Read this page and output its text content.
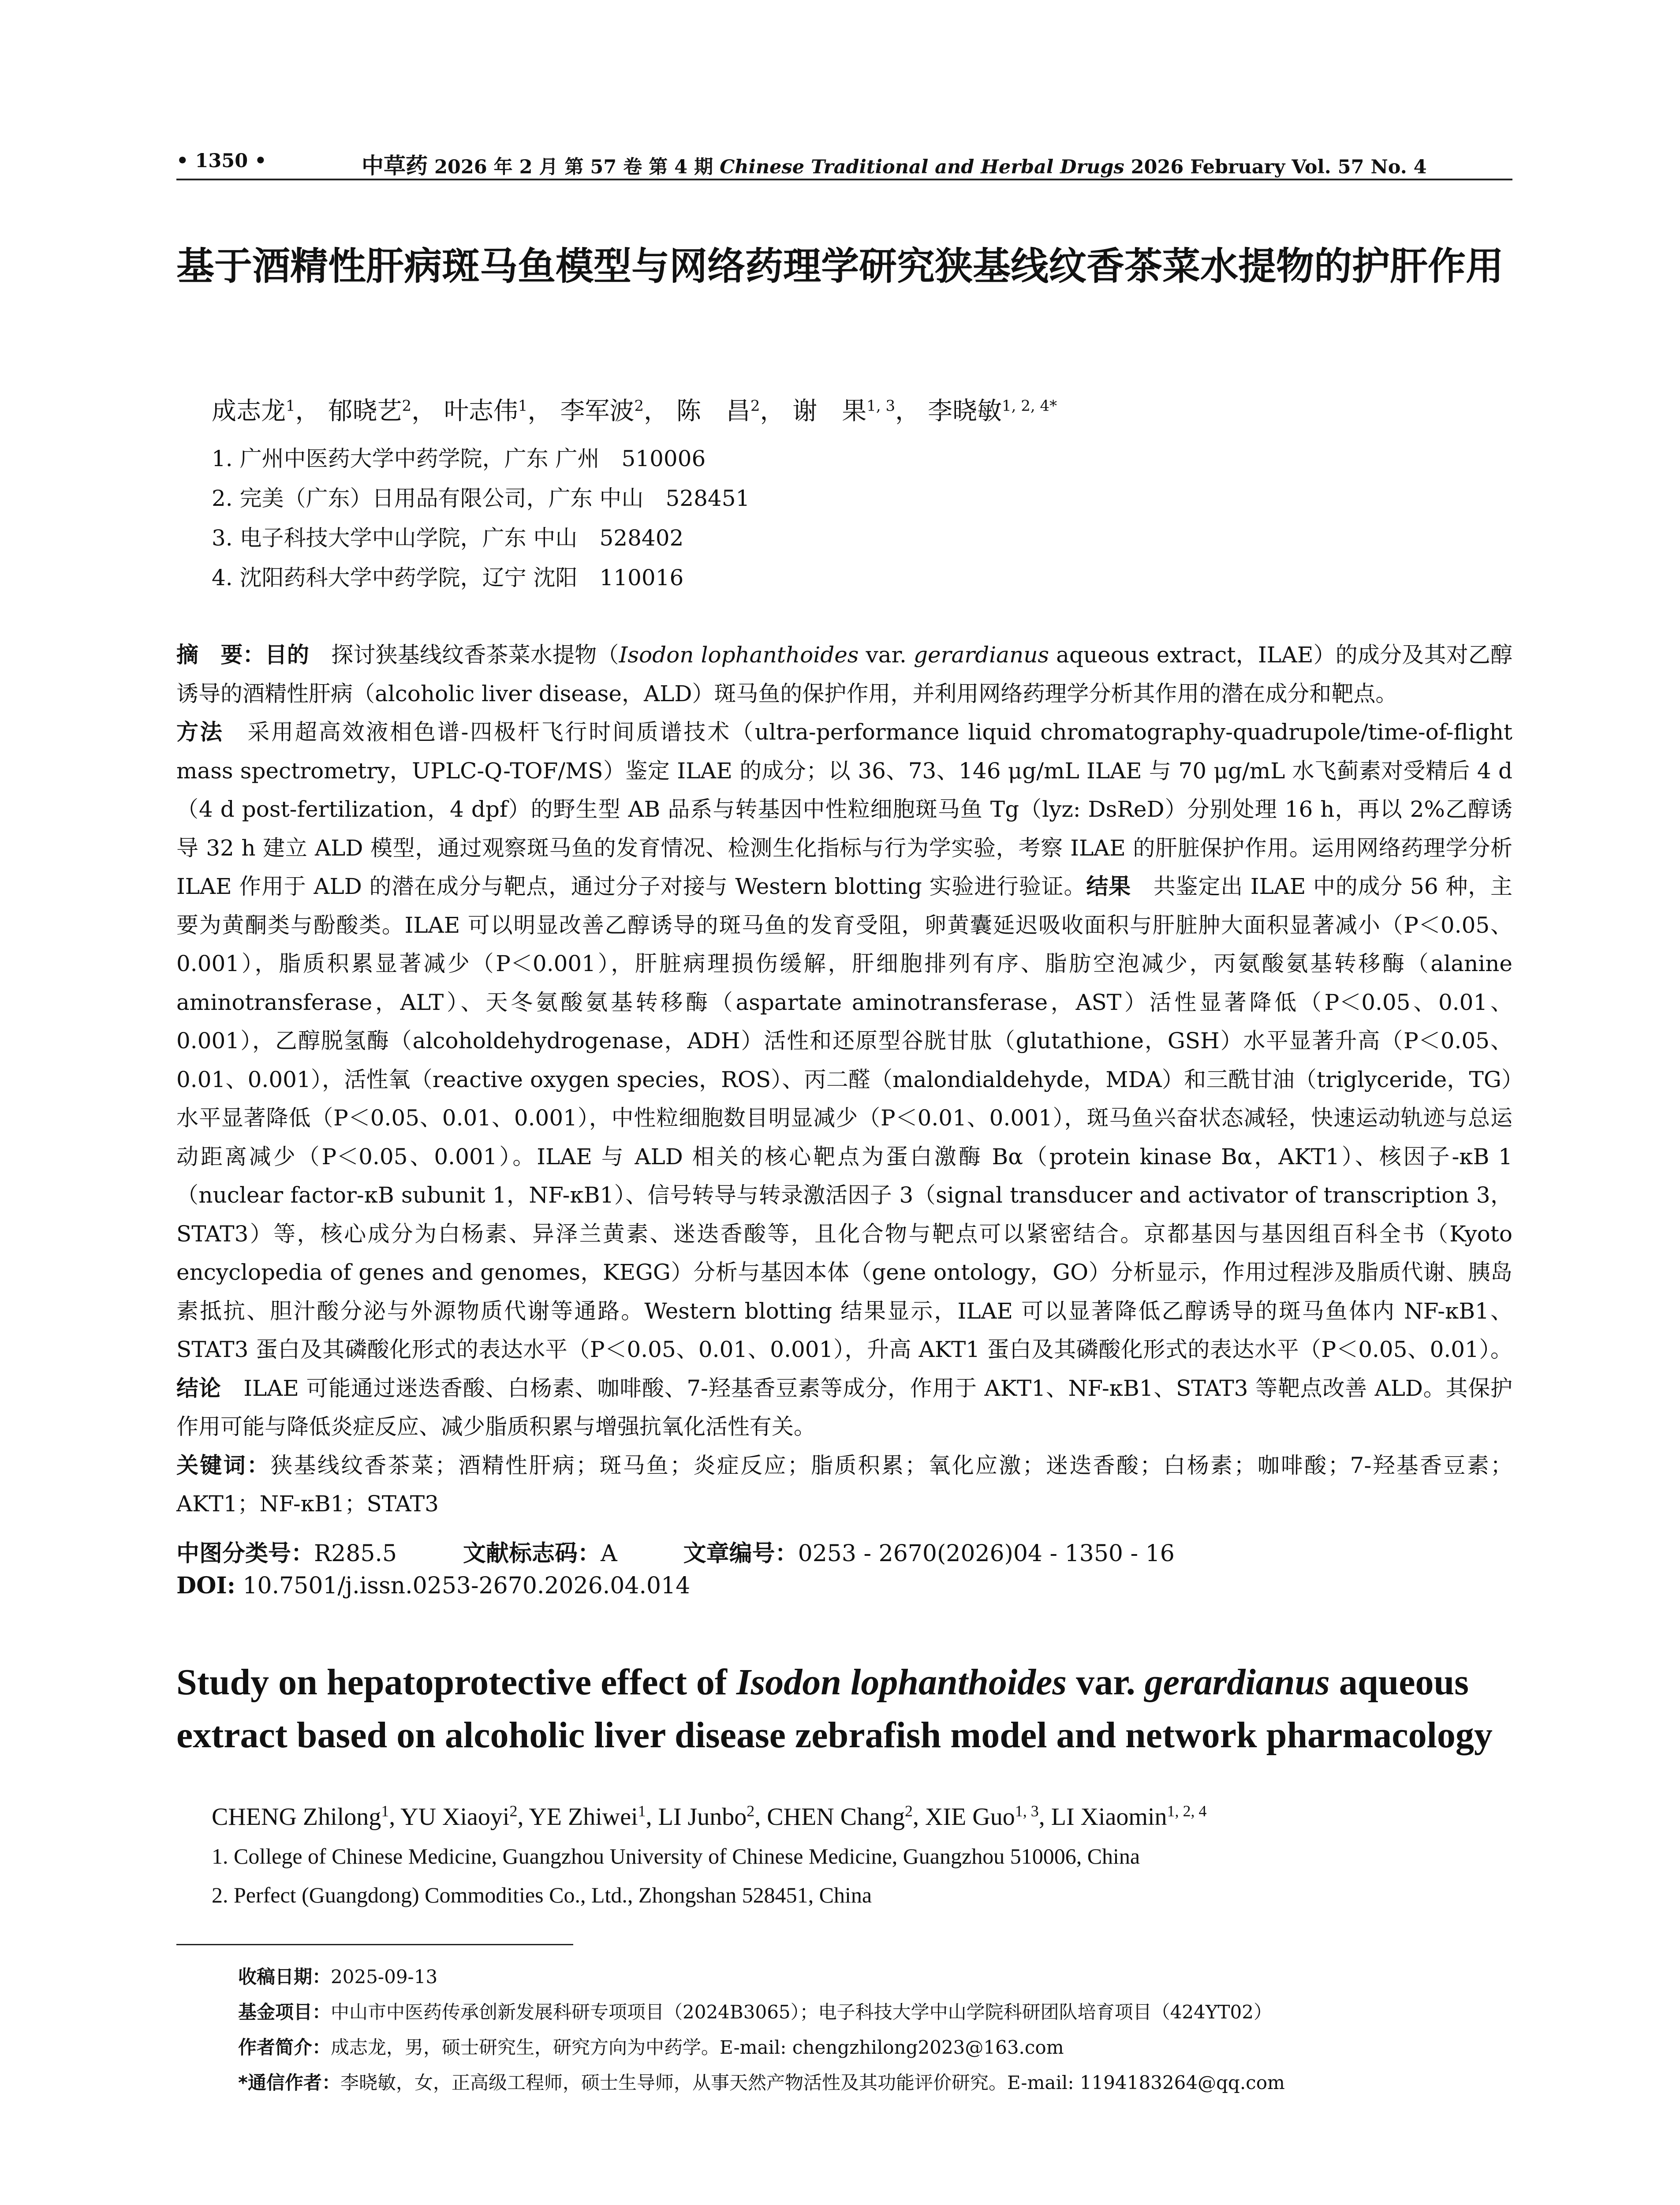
• 1350 •	中草药 2026 年 2 月 第 57 卷 第 4 期 Chinese Traditional and Herbal Drugs 2026 February Vol. 57 No. 4
基于酒精性肝病斑马鱼模型与网络药理学研究狭基线纹香茶菜水提物的护肝作用
成志龙$^1$， 郁晓艺$^2$， 叶志伟$^1$， 李军波$^2$， 陈　昌$^2$， 谢　果$^{1, 3}$， 李晓敏$^{1, 2, 4*}$
1. 广州中医药大学中药学院，广东 广州　510006
2. 完美（广东）日用品有限公司，广东 中山　528451
3. 电子科技大学中山学院，广东 中山　528402
4. 沈阳药科大学中药学院，辽宁 沈阳　110016
摘　要：目的　探讨狭基线纹香茶菜水提物（Isodon lophanthoides var. gerardianus aqueous extract，ILAE）的成分及其对乙醇诱导的酒精性肝病（alcoholic liver disease，ALD）斑马鱼的保护作用，并利用网络药理学分析其作用的潜在成分和靶点。
方法　采用超高效液相色谱-四极杆飞行时间质谱技术（ultra-performance liquid chromatography-quadrupole/time-of-flight mass spectrometry，UPLC-Q-TOF/MS）鉴定 ILAE 的成分；以 36、73、146 μg/mL ILAE 与 70 μg/mL 水飞蓟素对受精后 4 d（4 d post-fertilization，4 dpf）的野生型 AB 品系与转基因中性粒细胞斑马鱼 Tg（lyz: DsReD）分别处理 16 h，再以 2%乙醇诱导 32 h 建立 ALD 模型，通过观察斑马鱼的发育情况、检测生化指标与行为学实验，考察 ILAE 的肝脏保护作用。运用网络药理学分析 ILAE 作用于 ALD 的潜在成分与靶点，通过分子对接与 Western blotting 实验进行验证。结果　共鉴定出 ILAE 中的成分 56 种，主要为黄酮类与酚酸类。ILAE 可以明显改善乙醇诱导的斑马鱼的发育受阻，卵黄囊延迟吸收面积与肝脏肿大面积显著减小（P＜0.05、0.001），脂质积累显著减少（P＜0.001），肝脏病理损伤缓解，肝细胞排列有序、脂肪空泡减少，丙氨酸氨基转移酶（alanine aminotransferase，ALT）、天冬氨酸氨基转移酶（aspartate aminotransferase，AST）活性显著降低（P＜0.05、0.01、0.001），乙醇脱氢酶（alcoholdehydrogenase，ADH）活性和还原型谷胱甘肽（glutathione，GSH）水平显著升高（P＜0.05、0.01、0.001），活性氧（reactive oxygen species，ROS）、丙二醛（malondialdehyde，MDA）和三酰甘油（triglyceride，TG）水平显著降低（P＜0.05、0.01、0.001），中性粒细胞数目明显减少（P＜0.01、0.001），斑马鱼兴奋状态减轻，快速运动轨迹与总运动距离减少（P＜0.05、0.001）。ILAE 与 ALD 相关的核心靶点为蛋白激酶 Bα（protein kinase Bα，AKT1）、核因子-κB 1（nuclear factor-κB subunit 1，NF-κB1）、信号转导与转录激活因子 3（signal transducer and activator of transcription 3，STAT3）等，核心成分为白杨素、异泽兰黄素、迷迭香酸等，且化合物与靶点可以紧密结合。京都基因与基因组百科全书（Kyoto encyclopedia of genes and genomes，KEGG）分析与基因本体（gene ontology，GO）分析显示，作用过程涉及脂质代谢、胰岛素抵抗、胆汁酸分泌与外源物质代谢等通路。Western blotting 结果显示，ILAE 可以显著降低乙醇诱导的斑马鱼体内 NF-κB1、STAT3 蛋白及其磷酸化形式的表达水平（P＜0.05、0.01、0.001），升高 AKT1 蛋白及其磷酸化形式的表达水平（P＜0.05、0.01）。结论　ILAE 可能通过迷迭香酸、白杨素、咖啡酸、7-羟基香豆素等成分，作用于 AKT1、NF-κB1、STAT3 等靶点改善 ALD。其保护作用可能与降低炎症反应、减少脂质积累与增强抗氧化活性有关。
关键词：狭基线纹香茶菜；酒精性肝病；斑马鱼；炎症反应；脂质积累；氧化应激；迷迭香酸；白杨素；咖啡酸；7-羟基香豆素；AKT1；NF-κB1；STAT3
中图分类号：R285.5	文献标志码：A	文章编号：0253 - 2670(2026)04 - 1350 - 16
DOI: 10.7501/j.issn.0253-2670.2026.04.014
Study on hepatoprotective effect of Isodon lophanthoides var. gerardianus aqueous extract based on alcoholic liver disease zebrafish model and network pharmacology
CHENG Zhilong$^1$, YU Xiaoyi$^2$, YE Zhiwei$^1$, LI Junbo$^2$, CHEN Chang$^2$, XIE Guo$^{1, 3}$, LI Xiaomin$^{1, 2, 4}$
1. College of Chinese Medicine, Guangzhou University of Chinese Medicine, Guangzhou 510006, China
2. Perfect (Guangdong) Commodities Co., Ltd., Zhongshan 528451, China
收稿日期：2025-09-13
基金项目：中山市中医药传承创新发展科研专项项目（2024B3065）；电子科技大学中山学院科研团队培育项目（424YT02）
作者简介：成志龙，男，硕士研究生，研究方向为中药学。E-mail: chengzhilong2023@163.com
*通信作者：李晓敏，女，正高级工程师，硕士生导师，从事天然产物活性及其功能评价研究。E-mail: 1194183264@qq.com
